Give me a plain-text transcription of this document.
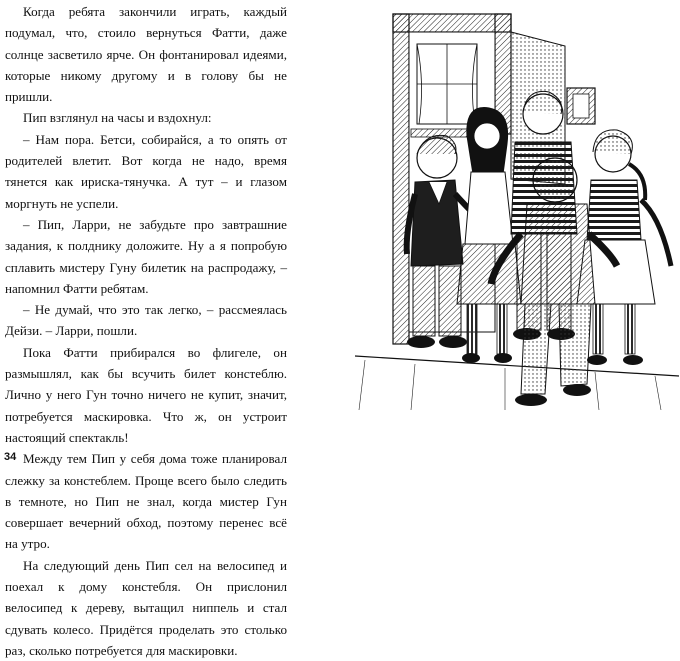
Когда ребята закончили играть, каждый подумал, что, стоило вернуться Фатти, даже солнце засветило ярче. Он фонтанировал идеями, которые никому другому и в голову бы не пришли.

Пип взглянул на часы и вздохнул:

– Нам пора. Бетси, собирайся, а то опять от родителей влетит. Вот когда не надо, время тянется как ириска-тянучка. А тут – и глазом моргнуть не успели.

– Пип, Ларри, не забудьте про завтрашние задания, к полднику доложите. Ну а я попробую сплавить мистеру Гуну билетик на распродажу, – напомнил Фатти ребятам.

– Не думай, что это так легко, – рассмеялась Дейзи. – Ларри, пошли.

Пока Фатти прибирался во флигеле, он размышлял, как бы всучить билет констеблю. Лично у него Гун точно ничего не купит, значит, потребуется маскировка. Что ж, он устроит настоящий спектакль!

Между тем Пип у себя дома тоже планировал слежку за констеблем. Проще всего было следить в темноте, но Пип не знал, когда мистер Гун совершает вечерний обход, поэтому перенес всё на утро.

На следующий день Пип сел на велосипед и поехал к дому констебля. Он прислонил велосипед к дереву, вытащил ниппель и стал сдувать колесо. Придётся проделать это столько раз, сколько потребуется для маскировки.

34
